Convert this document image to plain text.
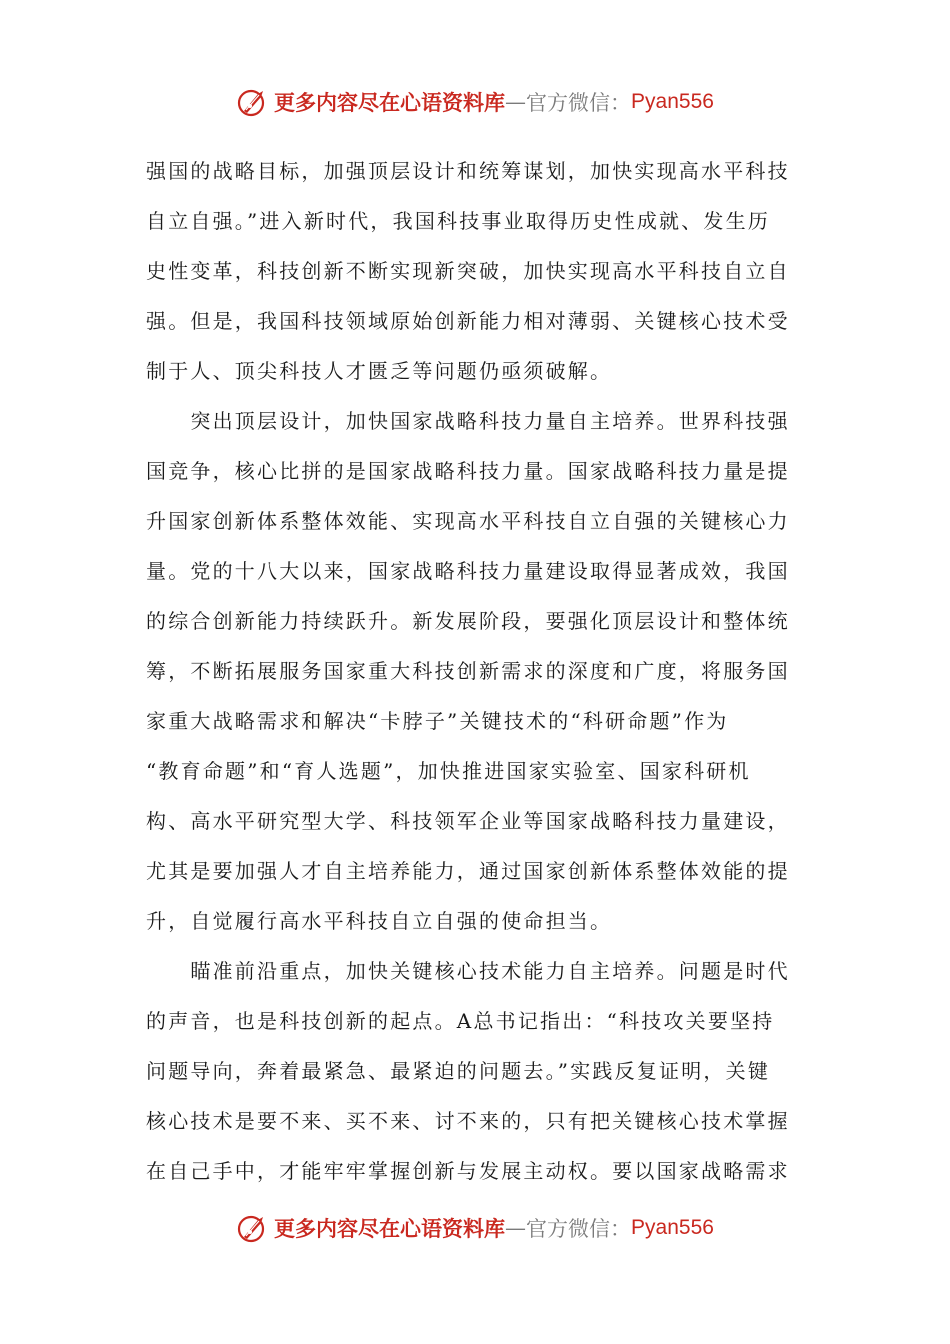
更多内容尽在心语资料库 — 官方微信： Pyan556
强国的战略目标，加强顶层设计和统筹谋划，加快实现高水平科技
自立自强。”进入新时代，我国科技事业取得历史性成就、发生历
史性变革，科技创新不断实现新突破，加快实现高水平科技自立自
强。但是，我国科技领域原始创新能力相对薄弱、关键核心技术受
制于人、顶尖科技人才匮乏等问题仍亟须破解。
　　突出顶层设计，加快国家战略科技力量自主培养。世界科技强
国竞争，核心比拼的是国家战略科技力量。国家战略科技力量是提
升国家创新体系整体效能、实现高水平科技自立自强的关键核心力
量。党的十八大以来，国家战略科技力量建设取得显著成效，我国
的综合创新能力持续跃升。新发展阶段，要强化顶层设计和整体统
筹，不断拓展服务国家重大科技创新需求的深度和广度，将服务国
家重大战略需求和解决“卡脖子”关键技术的“科研命题”作为
“教育命题”和“育人选题”，加快推进国家实验室、国家科研机
构、高水平研究型大学、科技领军企业等国家战略科技力量建设，
尤其是要加强人才自主培养能力，通过国家创新体系整体效能的提
升，自觉履行高水平科技自立自强的使命担当。
　　瞄准前沿重点，加快关键核心技术能力自主培养。问题是时代
的声音，也是科技创新的起点。A总书记指出：“科技攻关要坚持
问题导向，奔着最紧急、最紧迫的问题去。”实践反复证明，关键
核心技术是要不来、买不来、讨不来的，只有把关键核心技术掌握
在自己手中，才能牢牢掌握创新与发展主动权。要以国家战略需求
更多内容尽在心语资料库 — 官方微信： Pyan556
